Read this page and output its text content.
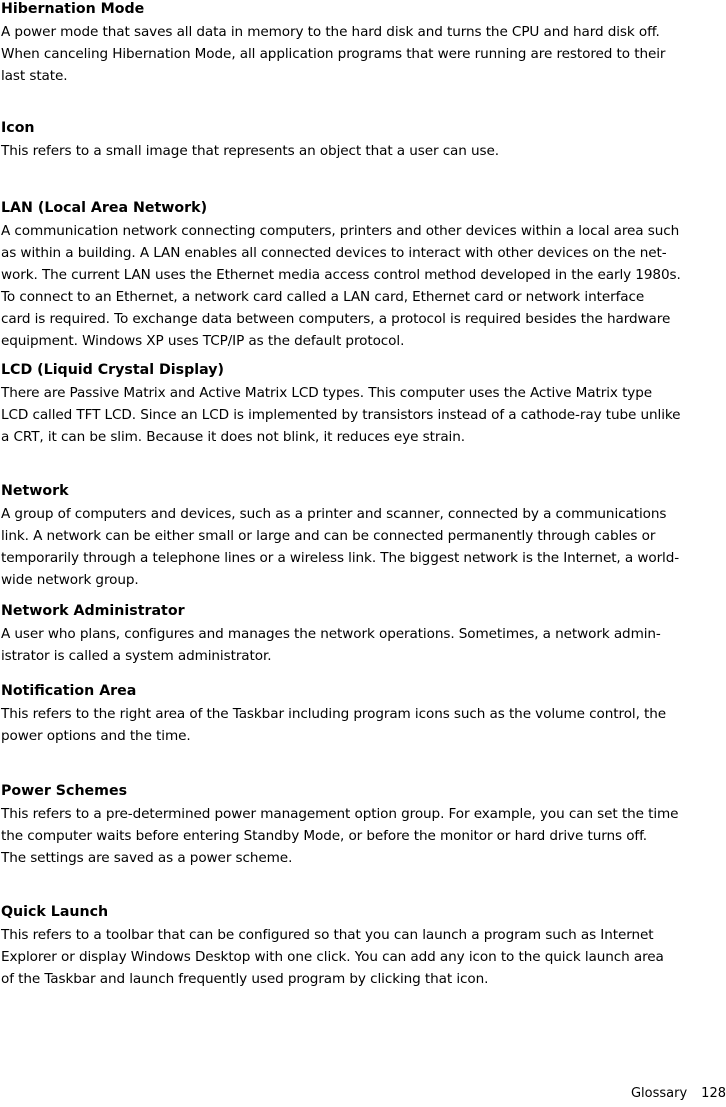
Hibernation Mode

A power mode that saves all data in memory to the hard disk and turns the CPU and hard disk off.
When canceling Hibernation Mode, all application programs that were running are restored to their
last state.

Icon

This refers to a small image that represents an object that a user can use.

LAN (Local Area Network)

A communication network connecting computers, printers and other devices within a local area such
as within a building. A LAN enables all connected devices to interact with other devices on the net-
work. The current LAN uses the Ethernet media access control method developed in the early 1980s.
To connect to an Ethernet, a network card called a LAN card, Ethernet card or network interface
card is required. To exchange data between computers, a protocol is required besides the hardware
equipment. Windows XP uses TCP/IP as the default protocol.

LCD (Liquid Crystal Display)

There are Passive Matrix and Active Matrix LCD types. This computer uses the Active Matrix type
LCD called TFT LCD. Since an LCD is implemented by transistors instead of a cathode-ray tube unlike
a CRT, it can be slim. Because it does not blink, it reduces eye strain.

Network

A group of computers and devices, such as a printer and scanner, connected by a communications
link. A network can be either small or large and can be connected permanently through cables or
temporarily through a telephone lines or a wireless link. The biggest network is the Internet, a world-
wide network group.

Network Administrator

A user who plans, configures and manages the network operations. Sometimes, a network admin-
istrator is called a system administrator.

Notification Area

This refers to the right area of the Taskbar including program icons such as the volume control, the
power options and the time.

Power Schemes

This refers to a pre-determined power management option group. For example, you can set the time
the computer waits before entering Standby Mode, or before the monitor or hard drive turns off.
The settings are saved as a power scheme.

Quick Launch

This refers to a toolbar that can be configured so that you can launch a program such as Internet
Explorer or display Windows Desktop with one click. You can add any icon to the quick launch area
of the Taskbar and launch frequently used program by clicking that icon.

Glossary 128
